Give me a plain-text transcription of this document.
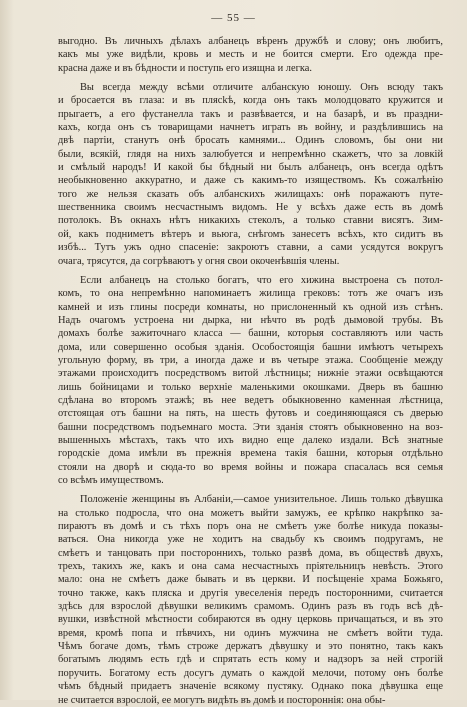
— 55 —
выгодно. Въ личныхъ дѣлахъ албанецъ вѣренъ дружбѣ и слову; онъ любитъ,
какъ мы уже видѣли, кровь и месть и не боится смерти. Его одежда пре-
красна даже и въ бѣдности и поступь его изящна и легка.
Вы всегда между всѣми отличите албанскую юношу. Онъ всюду такъ
и бросается въ глаза: и въ плясkѣ, когда онъ такъ молодцовато кружится и
прыгаетъ, а его фустанелла такъ и развѣвается, и на базарѣ, и въ праздни-
кахъ, когда онъ съ товарищами начнетъ играть въ войну, и раздѣлившись на
двѣ партіи, станутъ онѣ бросать камнями... Одинъ словомъ, бы они ни
были, всякій, глядя на нихъ залюбуется и непремѣнно скажетъ, что за ловкій
и смѣлый народъ! И какой бы бѣдный ни былъ албанецъ, онъ всегда одѣтъ
необыкновенно аккуратно, и даже съ какимъ-то изяществомъ. Къ сожалѣнію
того же нельзя сказать объ албанскихъ жилищахъ: онѣ поражаютъ путе-
шественника своимъ несчастнымъ видомъ. Не у всѣхъ даже есть въ домѣ
потолокъ. Въ окнахъ нѣтъ никакихъ стеколъ, а только ставни висятъ. Зим-
ой, какъ подниметъ вѣтеръ и вьюга, снѣгомъ занесетъ всѣхъ, кто сидитъ въ
избѣ... Тутъ ужъ одно спасеніе: закроютъ ставни, а сами усядутся вокругъ
очага, трясутся, да согрѣваютъ у огня свои окоченѣвшія члены.
Если албанецъ на столько богатъ, что его хижина выстроена съ потол-
комъ, то она непремѣнно напоминаетъ жилища грековъ: тотъ же очагъ изъ
камней и изъ глины посреди комнаты, но прислоненный къ одной изъ стѣнъ.
Надъ очагомъ устроена ни дырка, ни нѣчто въ родѣ дымовой трубы. Въ
домахъ болѣе зажиточнаго класса — башни, которыя составляютъ или часть
дома, или совершенно особыя зданія. Особостоящія башни имѣютъ четырехъ
угольную форму, въ три, а иногда даже и въ четыре этажа. Сообщеніе между
этажами происходитъ посредствомъ витой лѣстницы; нижніе этажи освѣщаются
лишь бойницами и только верхніе маленькими окошками. Дверь въ башню
сдѣлана во второмъ этажѣ; въ нее ведетъ обыкновенно каменная лѣстница,
отстоящая отъ башни на пять, на шесть футовъ и соединяющаяся съ дверью
башни посредствомъ подъемнаго моста. Эти зданія стоятъ обыкновенно на воз-
вышенныхъ мѣстахъ, такъ что ихъ видно еще далеко издали. Всѣ знатные
городскіе дома имѣли въ прежнія времена такія башни, которыя отдѣльно
стояли на дворѣ и сюда-то во время войны и пожара спасалась вся семья
со всѣмъ имуществомъ.
Положеніе женщины въ Албаніи,—самое унизительное. Лишь только дѣвушка
на столько подросла, что она можетъ выйти замужъ, ее крѣпко накрѣпко за-
пираютъ въ домѣ и съ тѣхъ поръ она не смѣетъ уже болѣе никуда показы-
ваться. Она никогда уже не ходитъ на свадьбу къ своимъ подругамъ, не
смѣетъ и танцовать при постороннихъ, только развѣ дома, въ обществѣ двухъ,
трехъ, такихъ же, какъ и она сама несчастныхъ пріятельницъ невѣсть. Этого
мало: она не смѣетъ даже бывать и въ церкви. И посѣщеніе храма Божьяго,
точно также, какъ пляска и другія увеселенія передъ посторонними, считается
здѣсь для взрослой дѣвушки великимъ срамомъ. Одинъ разъ въ годъ всѣ дѣ-
вушки, извѣстной мѣстности собираются въ одну церковь причащаться, и въ это
время, кромѣ попа и пѣвчихъ, ни одинъ мужчина не смѣетъ войти туда.
Чѣмъ богаче домъ, тѣмъ строже держатъ дѣвушку и это понятно, такъ какъ
богатымъ людямъ есть гдѣ и спрятать есть кому и надзоръ за ней строгій
поручить. Богатому есть досугъ думать о каждой мелочи, потому онъ болѣе
чѣмъ бѣдный придаетъ значеніе всякому пустяку. Однако пока дѣвушка еще
не считается взрослой, ее могутъ видѣть въ домѣ и постороннія: она обы-
